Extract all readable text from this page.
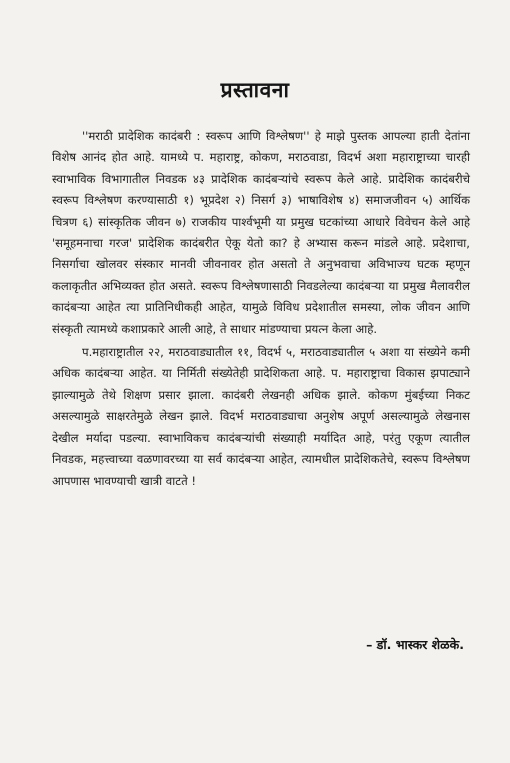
प्रस्तावना

''मराठी प्रादेशिक कादंबरी : स्वरूप आणि विश्लेषण'' हे माझे पुस्तक आपल्या हाती देतांना विशेष आनंद होत आहे. यामध्ये प. महाराष्ट्र, कोकण, मराठवाडा, विदर्भ अशा महाराष्ट्राच्या चारही स्वाभाविक विभागातील निवडक ४३ प्रादेशिक कादंबऱ्यांचे स्वरूप केले आहे. प्रादेशिक कादंबरीचे स्वरूप विश्लेषण करण्यासाठी १) भूप्रदेश २) निसर्ग ३) भाषाविशेष ४) समाजजीवन ५) आर्थिक चित्रण ६) सांस्कृतिक जीवन ७) राजकीय पार्श्वभूमी या प्रमुख घटकांच्या आधारे विवेचन केले आहे 'समूहमनाचा गरज' प्रादेशिक कादंबरीत ऐकू येतो का? हे अभ्यास करून मांडले आहे. प्रदेशाचा, निसर्गाचा खोलवर संस्कार मानवी जीवनावर होत असतो ते अनुभवाचा अविभाज्य घटक म्हणून कलाकृतीत अभिव्यक्त होत असते. स्वरूप विश्लेषणासाठी निवडलेल्या कादंबऱ्या या प्रमुख मैलावरील कादंबऱ्या आहेत त्या प्रातिनिधीकही आहेत, यामुळे विविध प्रदेशातील समस्या, लोक जीवन आणि संस्कृती त्यामध्ये कशाप्रकारे आली आहे, ते साधार मांडण्याचा प्रयत्न केला आहे.

प.महाराष्ट्रातील २२, मराठवाड्यातील ११, विदर्भ ५, मराठवाड्यातील ५ अशा या संख्येने कमी अधिक कादंबऱ्या आहेत. या निर्मिती संख्येतेही प्रादेशिकता आहे. प. महाराष्ट्राचा विकास झपाट्याने झाल्यामुळे तेथे शिक्षण प्रसार झाला. कादंबरी लेखनही अधिक झाले. कोकण मुंबईच्या निकट असल्यामुळे साक्षरतेमुळे लेखन झाले. विदर्भ मराठवाड्याचा अनुशेष अपूर्ण असल्यामुळे लेखनास देखील मर्यादा पडल्या. स्वाभाविकच कादंबऱ्यांची संख्याही मर्यादित आहे, परंतु एकूण त्यातील निवडक, महत्त्वाच्या वळणावरच्या या सर्व कादंबऱ्या आहेत, त्यामधील प्रादेशिकतेचे, स्वरूप विश्लेषण आपणास भावण्याची खात्री वाटते !

– डॉ. भास्कर शेळके.
